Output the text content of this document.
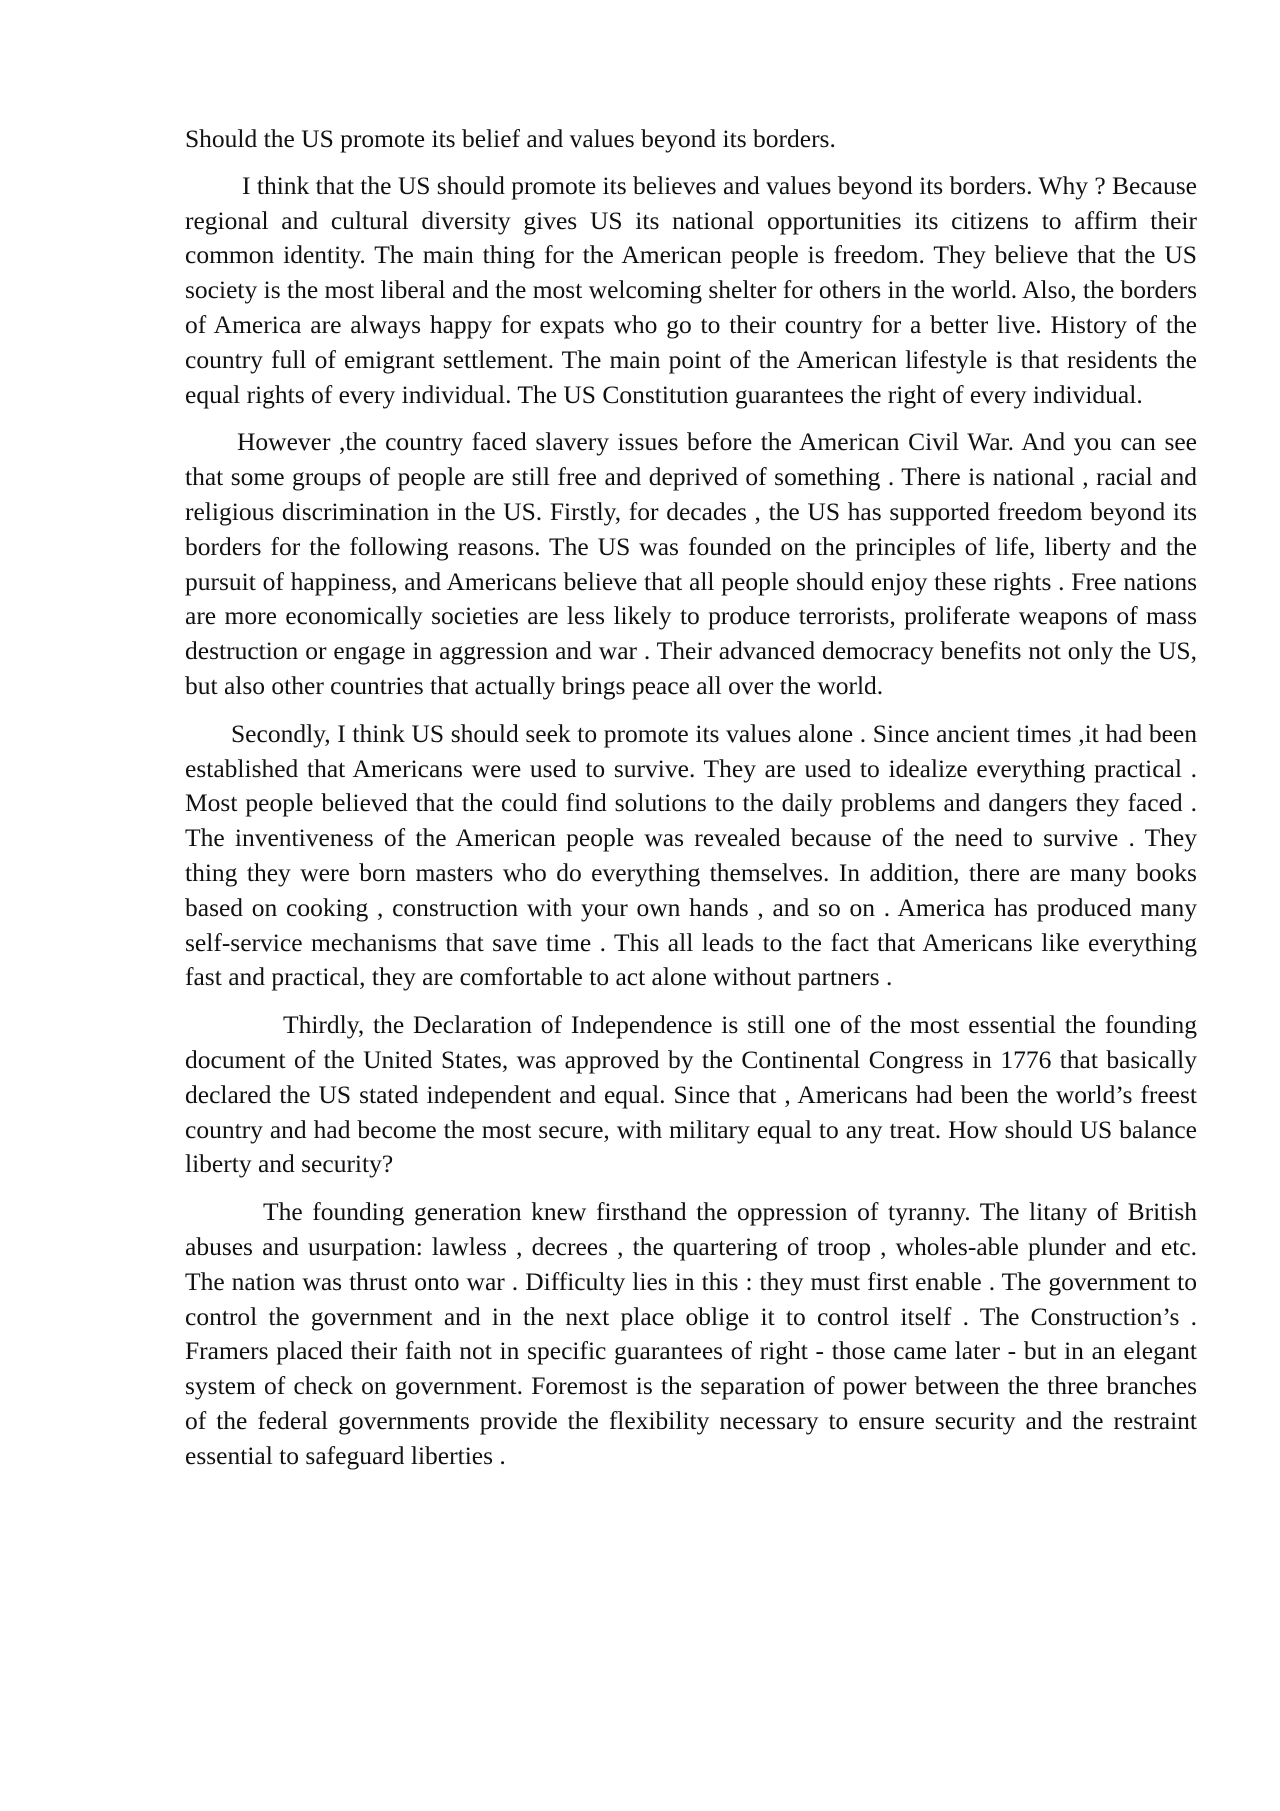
Should the US promote its belief and values beyond its borders.

I think that the US should promote its believes and values beyond its borders. Why ? Because regional and cultural diversity gives US its national opportunities its citizens to affirm their common identity. The main thing for the American people is freedom. They believe that the US society is the most liberal and the most welcoming shelter for others in the world. Also, the borders of America are always happy for expats who go to their country for a better live. History of the country full of emigrant settlement. The main point of the American lifestyle is that residents the equal rights of every individual. The US Constitution guarantees the right of every individual.

However ,the country faced slavery issues before the American Civil War. And you can see that some groups of people are still free and deprived of something . There is national , racial and religious discrimination in the US. Firstly, for decades , the US has supported freedom beyond its borders for the following reasons. The US was founded on the principles of life, liberty and the pursuit of happiness, and Americans believe that all people should enjoy these rights . Free nations are more economically societies are less likely to produce terrorists, proliferate weapons of mass destruction or engage in aggression and war . Their advanced democracy benefits not only the US, but also other countries that actually brings peace all over the world.

Secondly, I think US should seek to promote its values alone . Since ancient times ,it had been established that Americans were used to survive. They are used to idealize everything practical . Most people believed that the could find solutions to the daily problems and dangers they faced . The inventiveness of the American people was revealed because of the need to survive . They thing they were born masters who do everything themselves. In addition, there are many books based on cooking , construction with your own hands , and so on . America has produced many self-service mechanisms that save time . This all leads to the fact that Americans like everything fast and practical, they are comfortable to act alone without partners .

Thirdly, the Declaration of Independence is still one of the most essential the founding document of the United States, was approved by the Continental Congress in 1776 that basically declared the US stated independent and equal. Since that , Americans had been the world’s freest country and had become the most secure, with military equal to any treat. How should US balance liberty and security?

The founding generation knew firsthand the oppression of tyranny. The litany of British abuses and usurpation: lawless , decrees , the quartering of troop , wholes-able plunder and etc. The nation was thrust onto war . Difficulty lies in this : they must first enable . The government to control the government and in the next place oblige it to control itself . The Construction’s . Framers placed their faith not in specific guarantees of right - those came later - but in an elegant system of check on government. Foremost is the separation of power between the three branches of the federal governments provide the flexibility necessary to ensure security and the restraint essential to safeguard liberties .
